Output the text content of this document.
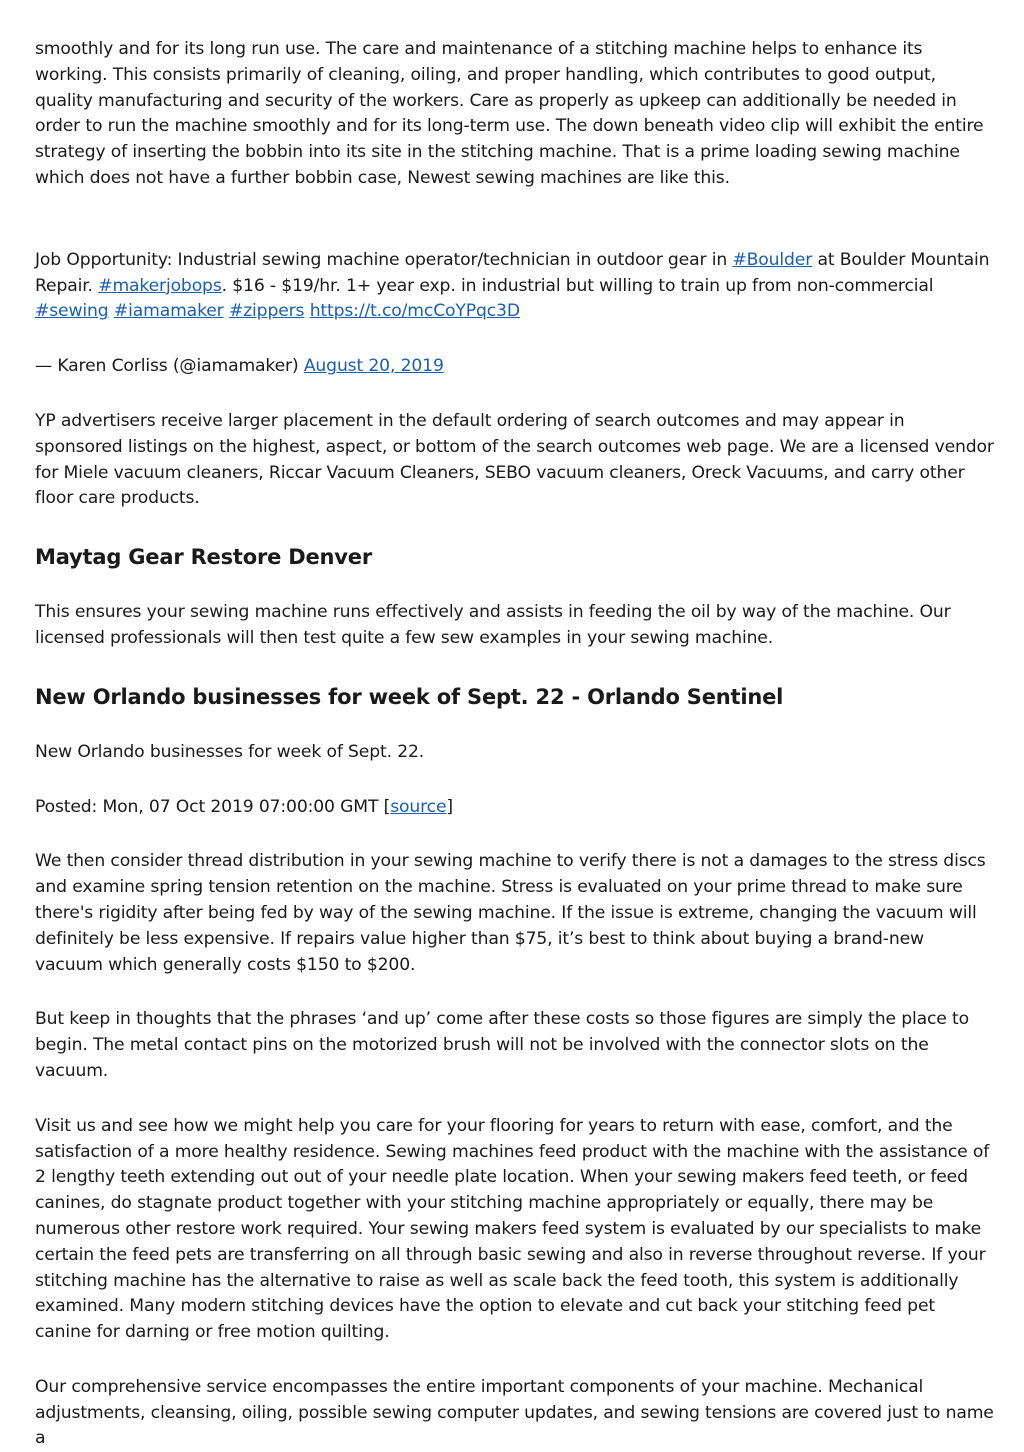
smoothly and for its long run use. The care and maintenance of a stitching machine helps to enhance its working. This consists primarily of cleaning, oiling, and proper handling, which contributes to good output, quality manufacturing and security of the workers. Care as properly as upkeep can additionally be needed in order to run the machine smoothly and for its long-term use. The down beneath video clip will exhibit the entire strategy of inserting the bobbin into its site in the stitching machine. That is a prime loading sewing machine which does not have a further bobbin case, Newest sewing machines are like this.

Job Opportunity: Industrial sewing machine operator/technician in outdoor gear in #Boulder at Boulder Mountain Repair. #makerjobops. $16 - $19/hr. 1+ year exp. in industrial but willing to train up from non-commercial #sewing #iamamaker #zippers https://t.co/mcCoYPqc3D

— Karen Corliss (@iamamaker) August 20, 2019

YP advertisers receive larger placement in the default ordering of search outcomes and may appear in sponsored listings on the highest, aspect, or bottom of the search outcomes web page. We are a licensed vendor for Miele vacuum cleaners, Riccar Vacuum Cleaners, SEBO vacuum cleaners, Oreck Vacuums, and carry other floor care products.

Maytag Gear Restore Denver

This ensures your sewing machine runs effectively and assists in feeding the oil by way of the machine. Our licensed professionals will then test quite a few sew examples in your sewing machine.

New Orlando businesses for week of Sept. 22 - Orlando Sentinel

New Orlando businesses for week of Sept. 22.

Posted: Mon, 07 Oct 2019 07:00:00 GMT [source]

We then consider thread distribution in your sewing machine to verify there is not a damages to the stress discs and examine spring tension retention on the machine. Stress is evaluated on your prime thread to make sure there's rigidity after being fed by way of the sewing machine. If the issue is extreme, changing the vacuum will definitely be less expensive. If repairs value higher than $75, it’s best to think about buying a brand-new vacuum which generally costs $150 to $200.

But keep in thoughts that the phrases ‘and up’ come after these costs so those figures are simply the place to begin. The metal contact pins on the motorized brush will not be involved with the connector slots on the vacuum.

Visit us and see how we might help you care for your flooring for years to return with ease, comfort, and the satisfaction of a more healthy residence. Sewing machines feed product with the machine with the assistance of 2 lengthy teeth extending out out of your needle plate location. When your sewing makers feed teeth, or feed canines, do stagnate product together with your stitching machine appropriately or equally, there may be numerous other restore work required. Your sewing makers feed system is evaluated by our specialists to make certain the feed pets are transferring on all through basic sewing and also in reverse throughout reverse. If your stitching machine has the alternative to raise as well as scale back the feed tooth, this system is additionally examined. Many modern stitching devices have the option to elevate and cut back your stitching feed pet canine for darning or free motion quilting.

Our comprehensive service encompasses the entire important components of your machine. Mechanical adjustments, cleansing, oiling, possible sewing computer updates, and sewing tensions are covered just to name a
